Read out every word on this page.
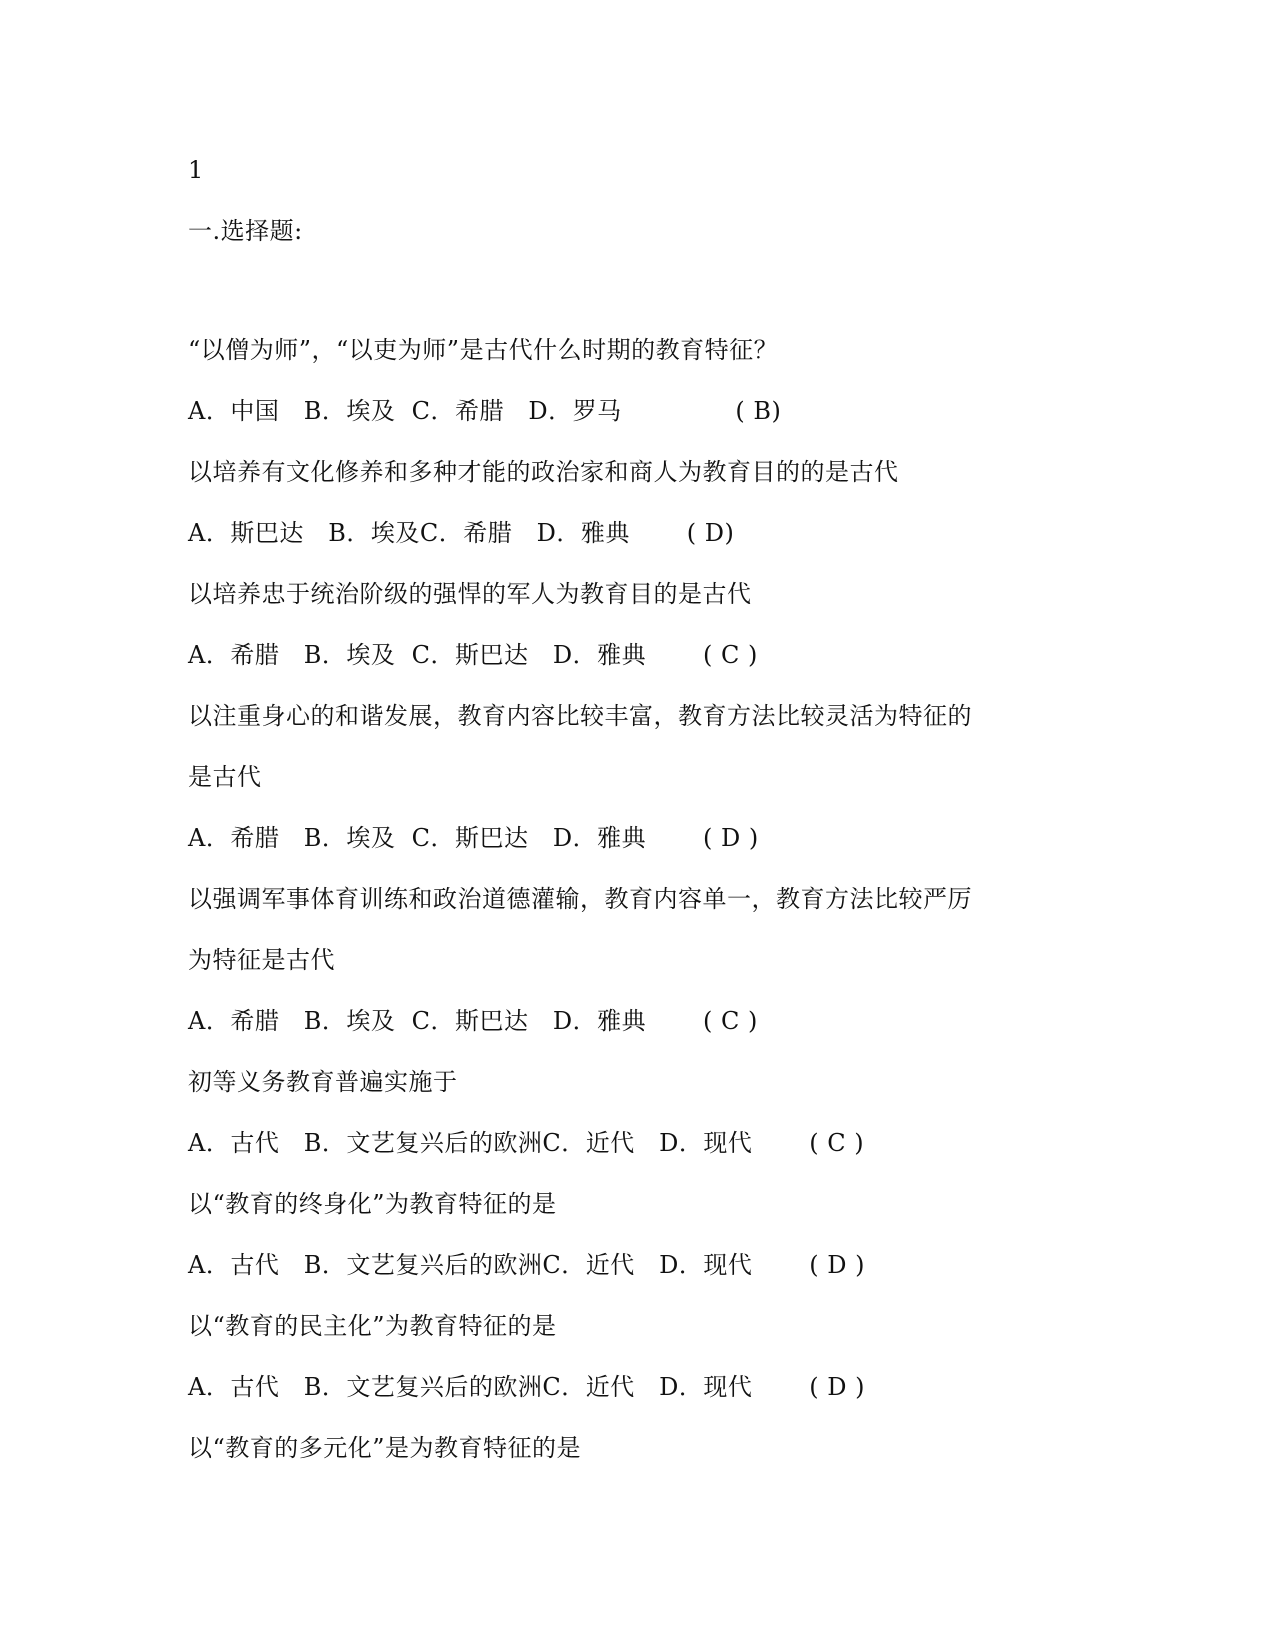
1
一.选择题:
“以僧为师”，“以吏为师”是古代什么时期的教育特征？
A．中国   B．埃及  C．希腊   D．罗马              ( B)
以培养有文化修养和多种才能的政治家和商人为教育目的的是古代
A．斯巴达   B．埃及C．希腊   D．雅典       ( D)
以培养忠于统治阶级的强悍的军人为教育目的是古代
A．希腊   B．埃及  C．斯巴达   D．雅典       ( C )
以注重身心的和谐发展，教育内容比较丰富，教育方法比较灵活为特征的
是古代
A．希腊   B．埃及  C．斯巴达   D．雅典       ( D )
以强调军事体育训练和政治道德灌输，教育内容单一，教育方法比较严厉
为特征是古代
A．希腊   B．埃及  C．斯巴达   D．雅典       ( C )
初等义务教育普遍实施于
A．古代   B．文艺复兴后的欧洲C．近代   D．现代       ( C )
以“教育的终身化”为教育特征的是
A．古代   B．文艺复兴后的欧洲C．近代   D．现代       ( D )
以“教育的民主化”为教育特征的是
A．古代   B．文艺复兴后的欧洲C．近代   D．现代       ( D )
以“教育的多元化”是为教育特征的是
